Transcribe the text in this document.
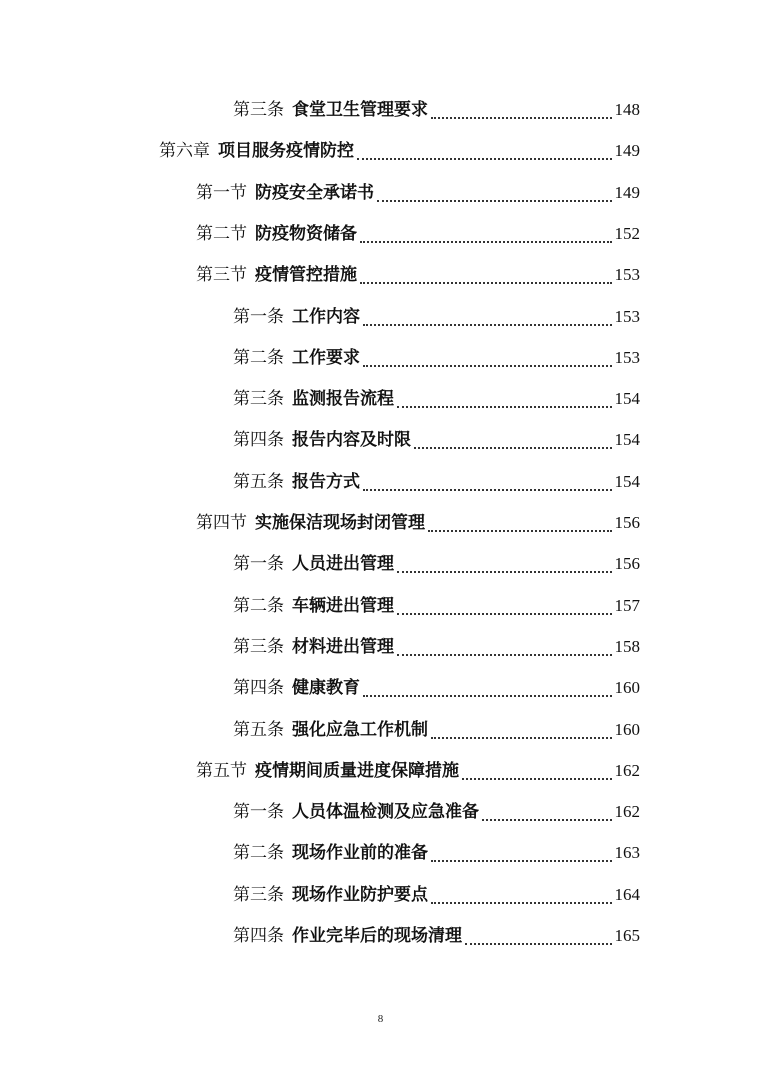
第三条 食堂卫生管理要求	148
第六章 项目服务疫情防控	149
第一节 防疫安全承诺书	149
第二节 防疫物资储备	152
第三节 疫情管控措施	153
第一条 工作内容	153
第二条 工作要求	153
第三条 监测报告流程	154
第四条 报告内容及时限	154
第五条 报告方式	154
第四节 实施保洁现场封闭管理	156
第一条 人员进出管理	156
第二条 车辆进出管理	157
第三条 材料进出管理	158
第四条 健康教育	160
第五条 强化应急工作机制	160
第五节 疫情期间质量进度保障措施	162
第一条 人员体温检测及应急准备	162
第二条 现场作业前的准备	163
第三条 现场作业防护要点	164
第四条 作业完毕后的现场清理	165
8
